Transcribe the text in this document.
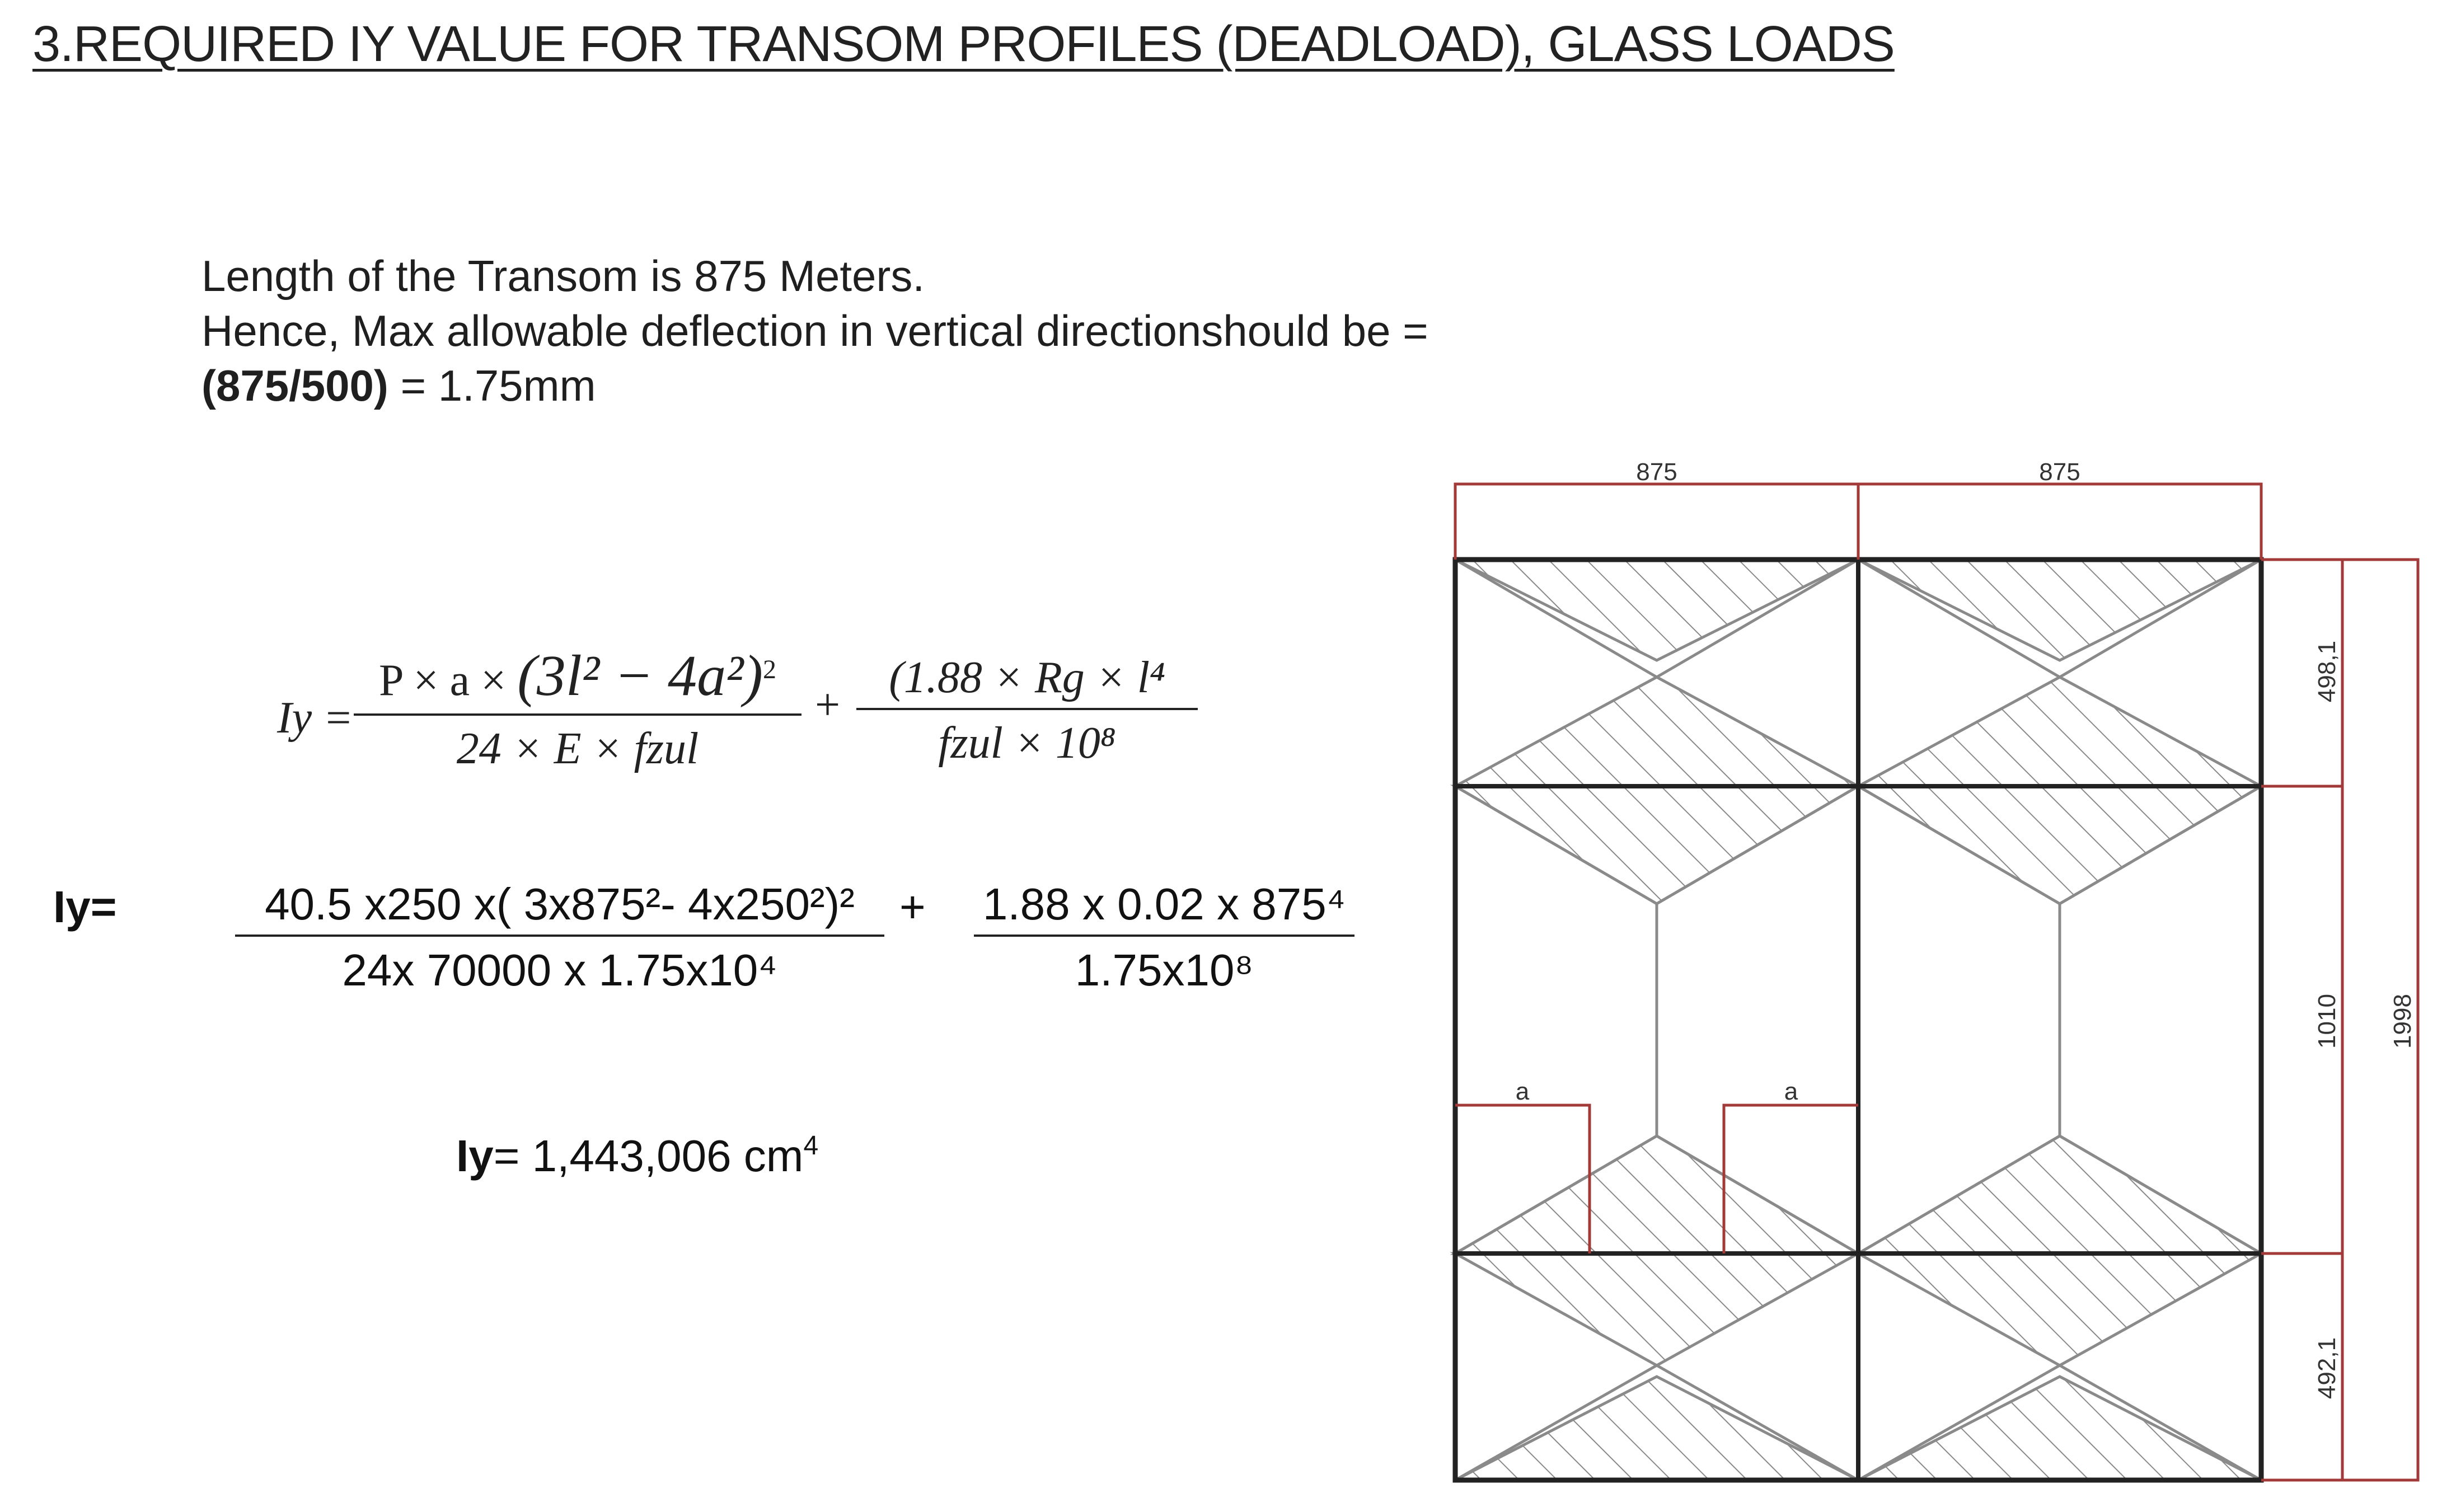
3.REQUIRED IY VALUE FOR TRANSOM PROFILES (DEADLOAD), GLASS LOADS
Length of the Transom is 875 Meters.
Hence, Max allowable deflection in vertical directionshould be =
(875/500) = 1.75mm
Iy =
$P \times a \times (3l^2 - 4a^2)^2$
24 × E × fzul
+
(1.88 × Rg × l⁴
fzul × 10⁸
Iy=	$\frac{\text{40.5 x250 x( 3x875²- 4x250²)²}}{\text{24x 70000 x 1.75x10⁴}} + \frac{\text{1.88 x 0.02 x 875⁴}}{\text{1.75x10⁸}}$
Iy= 1,443,006 $cm^4$
875	875
498,1
1010
492,1
1998
a	a
